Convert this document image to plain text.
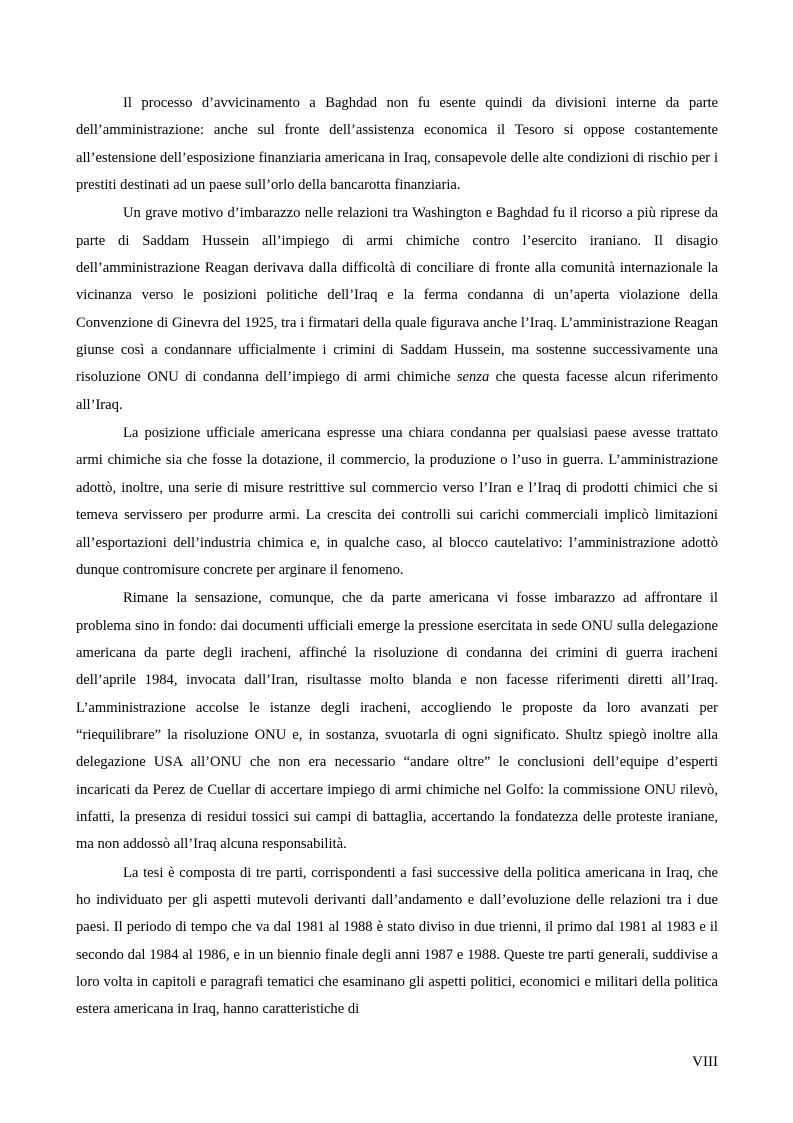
Il processo d’avvicinamento a Baghdad non fu esente quindi da divisioni interne da parte dell’amministrazione: anche sul fronte dell’assistenza economica il Tesoro si oppose costantemente all’estensione dell’esposizione finanziaria americana in Iraq, consapevole delle alte condizioni di rischio per i prestiti destinati ad un paese sull’orlo della bancarotta finanziaria.

Un grave motivo d’imbarazzo nelle relazioni tra Washington e Baghdad fu il ricorso a più riprese da parte di Saddam Hussein all’impiego di armi chimiche contro l’esercito iraniano. Il disagio dell’amministrazione Reagan derivava dalla difficoltà di conciliare di fronte alla comunità internazionale la vicinanza verso le posizioni politiche dell’Iraq e la ferma condanna di un’aperta violazione della Convenzione di Ginevra del 1925, tra i firmatari della quale figurava anche l’Iraq. L’amministrazione Reagan giunse così a condannare ufficialmente i crimini di Saddam Hussein, ma sostenne successivamente una risoluzione ONU di condanna dell’impiego di armi chimiche senza che questa facesse alcun riferimento all’Iraq.

La posizione ufficiale americana espresse una chiara condanna per qualsiasi paese avesse trattato armi chimiche sia che fosse la dotazione, il commercio, la produzione o l’uso in guerra. L’amministrazione adottò, inoltre, una serie di misure restrittive sul commercio verso l’Iran e l’Iraq di prodotti chimici che si temeva servissero per produrre armi. La crescita dei controlli sui carichi commerciali implicò limitazioni all’esportazioni dell’industria chimica e, in qualche caso, al blocco cautelativo: l’amministrazione adottò dunque contromisure concrete per arginare il fenomeno.

Rimane la sensazione, comunque, che da parte americana vi fosse imbarazzo ad affrontare il problema sino in fondo: dai documenti ufficiali emerge la pressione esercitata in sede ONU sulla delegazione americana da parte degli iracheni, affinché la risoluzione di condanna dei crimini di guerra iracheni dell’aprile 1984, invocata dall’Iran, risultasse molto blanda e non facesse riferimenti diretti all’Iraq. L’amministrazione accolse le istanze degli iracheni, accogliendo le proposte da loro avanzati per “riequilibrare” la risoluzione ONU e, in sostanza, svuotarla di ogni significato. Shultz spiegò inoltre alla delegazione USA all’ONU che non era necessario “andare oltre” le conclusioni dell’equipe d’esperti incaricati da Perez de Cuellar di accertare impiego di armi chimiche nel Golfo: la commissione ONU rilevò, infatti, la presenza di residui tossici sui campi di battaglia, accertando la fondatezza delle proteste iraniane, ma non addossò all’Iraq alcuna responsabilità.

La tesi è composta di tre parti, corrispondenti a fasi successive della politica americana in Iraq, che ho individuato per gli aspetti mutevoli derivanti dall’andamento e dall’evoluzione delle relazioni tra i due paesi. Il periodo di tempo che va dal 1981 al 1988 è stato diviso in due trienni, il primo dal 1981 al 1983 e il secondo dal 1984 al 1986, e in un biennio finale degli anni 1987 e 1988. Queste tre parti generali, suddivise a loro volta in capitoli e paragrafi tematici che esaminano gli aspetti politici, economici e militari della politica estera americana in Iraq, hanno caratteristiche di

VIII
